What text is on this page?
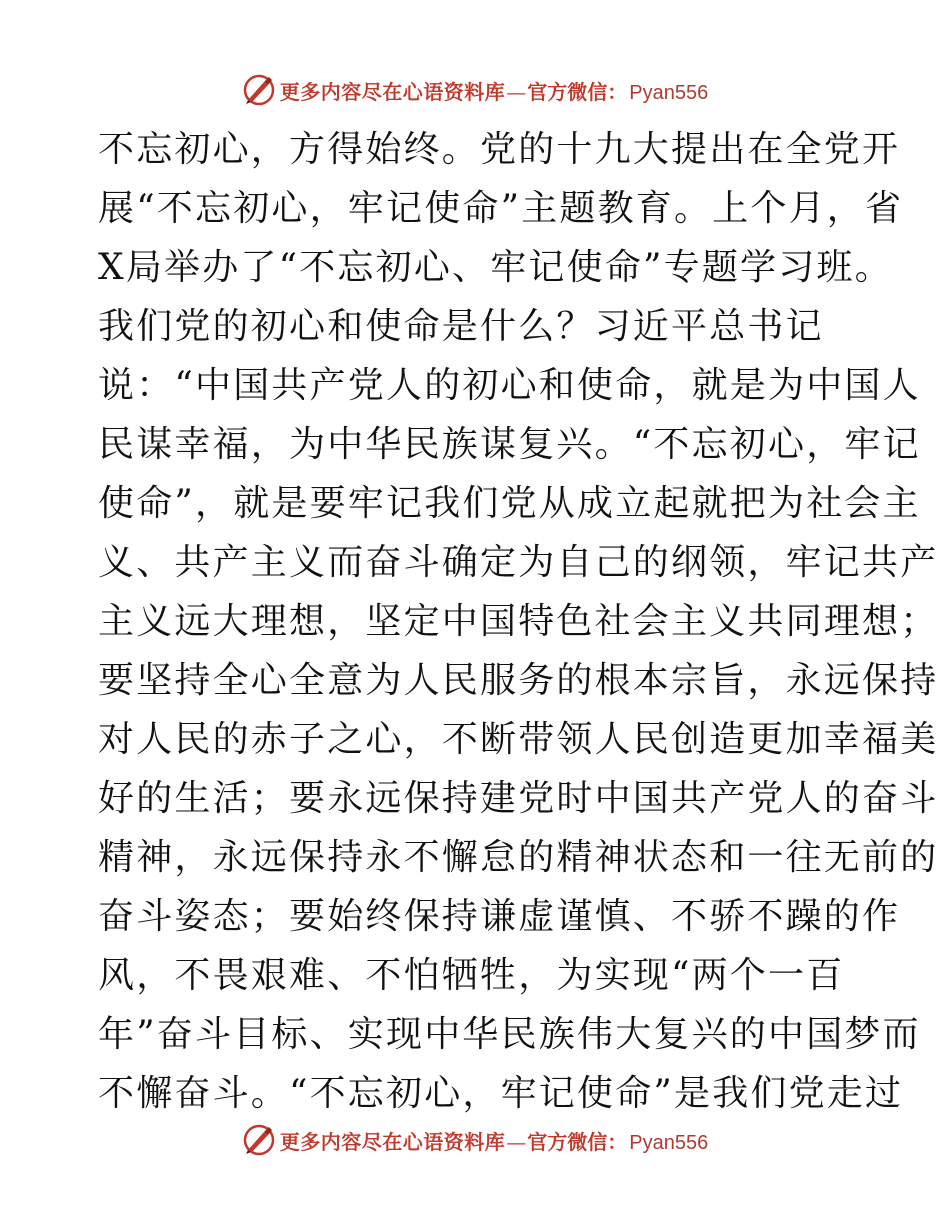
更多内容尽在心语资料库 — 官方微信： Pyan556
不忘初心，方得始终。党的十九大提出在全党开
展“不忘初心，牢记使命”主题教育。上个月，省
X局举办了“不忘初心、牢记使命”专题学习班。
我们党的初心和使命是什么？习近平总书记
说：“中国共产党人的初心和使命，就是为中国人
民谋幸福，为中华民族谋复兴。“不忘初心，牢记
使命”，就是要牢记我们党从成立起就把为社会主
义、共产主义而奋斗确定为自己的纲领，牢记共产
主义远大理想，坚定中国特色社会主义共同理想；
要坚持全心全意为人民服务的根本宗旨，永远保持
对人民的赤子之心，不断带领人民创造更加幸福美
好的生活；要永远保持建党时中国共产党人的奋斗
精神，永远保持永不懈怠的精神状态和一往无前的
奋斗姿态；要始终保持谦虚谨慎、不骄不躁的作
风，不畏艰难、不怕牺牲，为实现“两个一百
年”奋斗目标、实现中华民族伟大复兴的中国梦而
不懈奋斗。“不忘初心，牢记使命”是我们党走过
更多内容尽在心语资料库 — 官方微信： Pyan556
